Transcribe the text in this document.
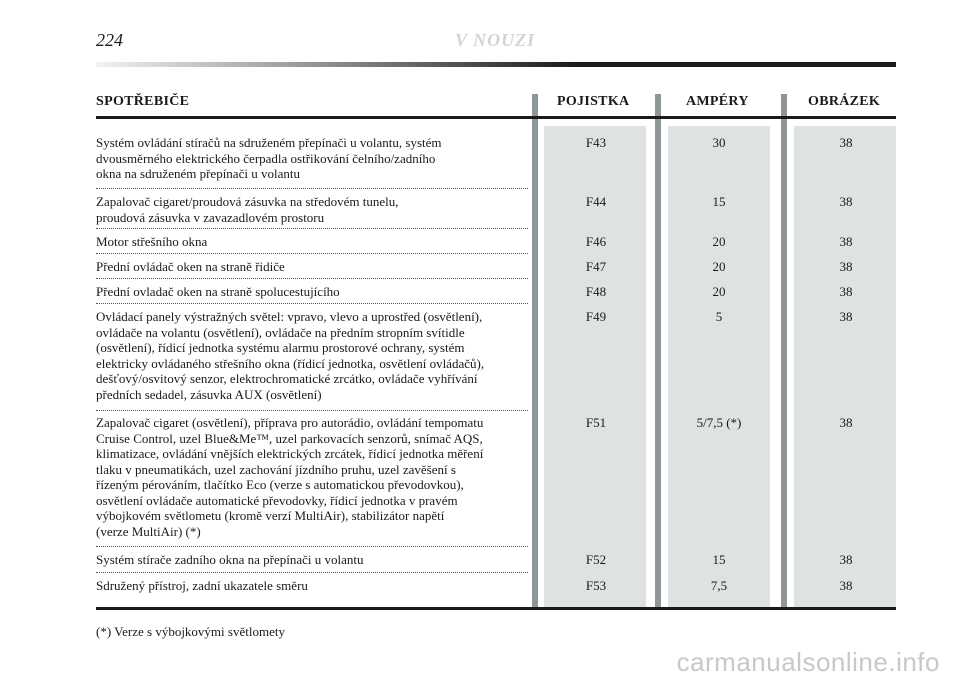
224	V NOUZI
SPOTŘEBIČE	POJISTKA	AMPÉRY	OBRÁZEK
Systém ovládání stíračů na sdruženém přepínači u volantu, systém
dvousměrného elektrického čerpadla ostřikování čelního/zadního
okna na sdruženém přepínači u volantu
F43	30	38
Zapalovač cigaret/proudová zásuvka na středovém tunelu,
proudová zásuvka v zavazadlovém prostoru
F44	15	38
Motor střešního okna	F46	20	38
Přední ovládač oken na straně řidiče	F47	20	38
Přední ovladač oken na straně spolucestujícího	F48	20	38
Ovládací panely výstražných světel: vpravo, vlevo a uprostřed (osvětlení),
ovládače na volantu (osvětlení), ovládače na předním stropním svítidle
(osvětlení), řídicí jednotka systému alarmu prostorové ochrany, systém
elektricky ovládaného střešního okna (řídicí jednotka, osvětlení ovládačů),
dešťový/osvitový senzor, elektrochromatické zrcátko, ovládače vyhřívání
předních sedadel, zásuvka AUX (osvětlení)
F49	5	38
Zapalovač cigaret (osvětlení), příprava pro autorádio, ovládání tempomatu
Cruise Control, uzel Blue&Me™, uzel parkovacích senzorů, snímač AQS,
klimatizace, ovládání vnějších elektrických zrcátek, řídicí jednotka měření
tlaku v pneumatikách, uzel zachování jízdního pruhu, uzel zavěšení s
řízeným pérováním, tlačítko Eco (verze s automatickou převodovkou),
osvětlení ovládače automatické převodovky, řídicí jednotka v pravém
výbojkovém světlometu (kromě verzí MultiAir), stabilizátor napětí
(verze MultiAir) (*)
F51	5/7,5 (*)	38
Systém stírače zadního okna na přepínači u volantu	F52	15	38
Sdružený přístroj, zadní ukazatele směru	F53	7,5	38
(*) Verze s výbojkovými světlomety
carmanualsonline.info
